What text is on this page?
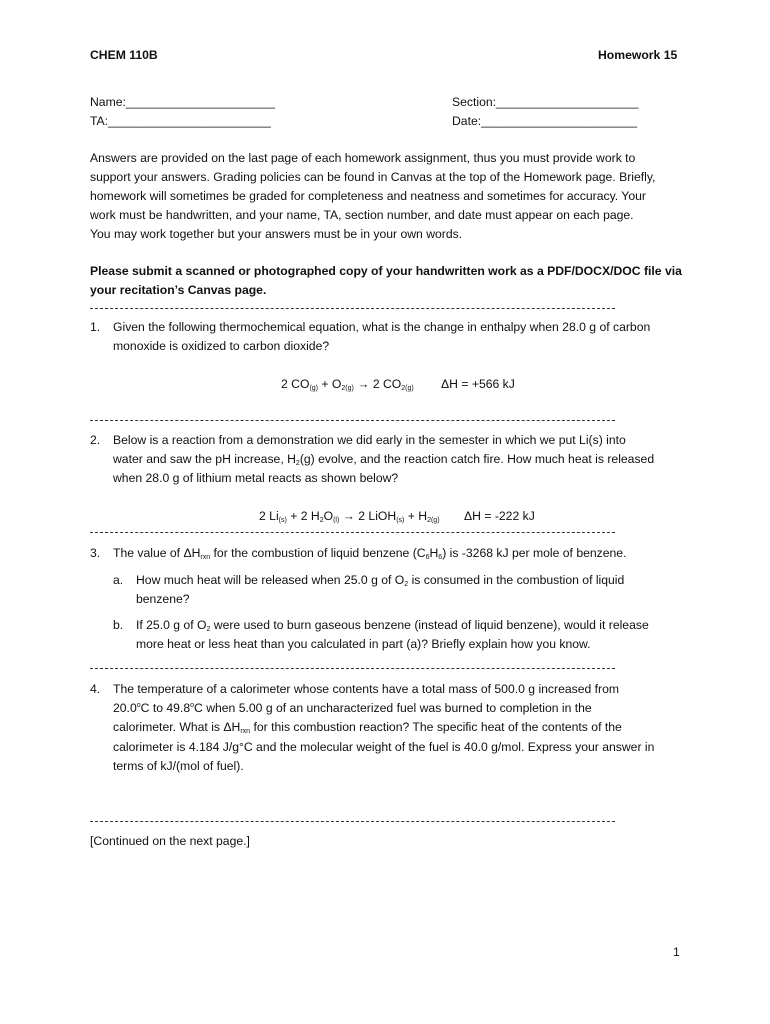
CHEM 110B	Homework 15
Name:______________________
TA:________________________
Section:_____________________
Date:_______________________
Answers are provided on the last page of each homework assignment, thus you must provide work to
support your answers. Grading policies can be found in Canvas at the top of the Homework page. Briefly,
homework will sometimes be graded for completeness and neatness and sometimes for accuracy. Your
work must be handwritten, and your name, TA, section number, and date must appear on each page.
You may work together but your answers must be in your own words.
Please submit a scanned or photographed copy of your handwritten work as a PDF/DOCX/DOC file via
your recitation’s Canvas page.
1. Given the following thermochemical equation, what is the change in enthalpy when 28.0 g of carbon
monoxide is oxidized to carbon dioxide?
2 $CO_{(g)} + O_{2(g)} \to 2$ $CO_{2(g)}$ ΔH = +566 kJ
2. Below is a reaction from a demonstration we did early in the semester in which we put Li(s) into
water and saw the pH increase, $H_2(g)$ evolve, and the reaction catch fire. How much heat is released
when 28.0 g of lithium metal reacts as shown below?
2 $Li_{(s)} + 2$ $H_2O_{(l)} \to 2$ LiOH$_{(s)}$ + $H_{2(g)}$ ΔH = -222 kJ
3. The value of $\Delta H_{rxn}$ for the combustion of liquid benzene $(C_6H_6)$ is -3268 kJ per mole of benzene.
a. How much heat will be released when 25.0 g of $O_2$ is consumed in the combustion of liquid
benzene?
b. If 25.0 g of $O_2$ were used to burn gaseous benzene (instead of liquid benzene), would it release
more heat or less heat than you calculated in part (a)? Briefly explain how you know.
4. The temperature of a calorimeter whose contents have a total mass of 500.0 g increased from
20.0$^o$C to 49.8$^o$C when 5.00 g of an uncharacterized fuel was burned to completion in the
calorimeter. What is $\Delta H_{rxn}$ for this combustion reaction? The specific heat of the contents of the
calorimeter is 4.184 J/g°C and the molecular weight of the fuel is 40.0 g/mol. Express your answer in
terms of kJ/(mol of fuel).
[Continued on the next page.]
1
